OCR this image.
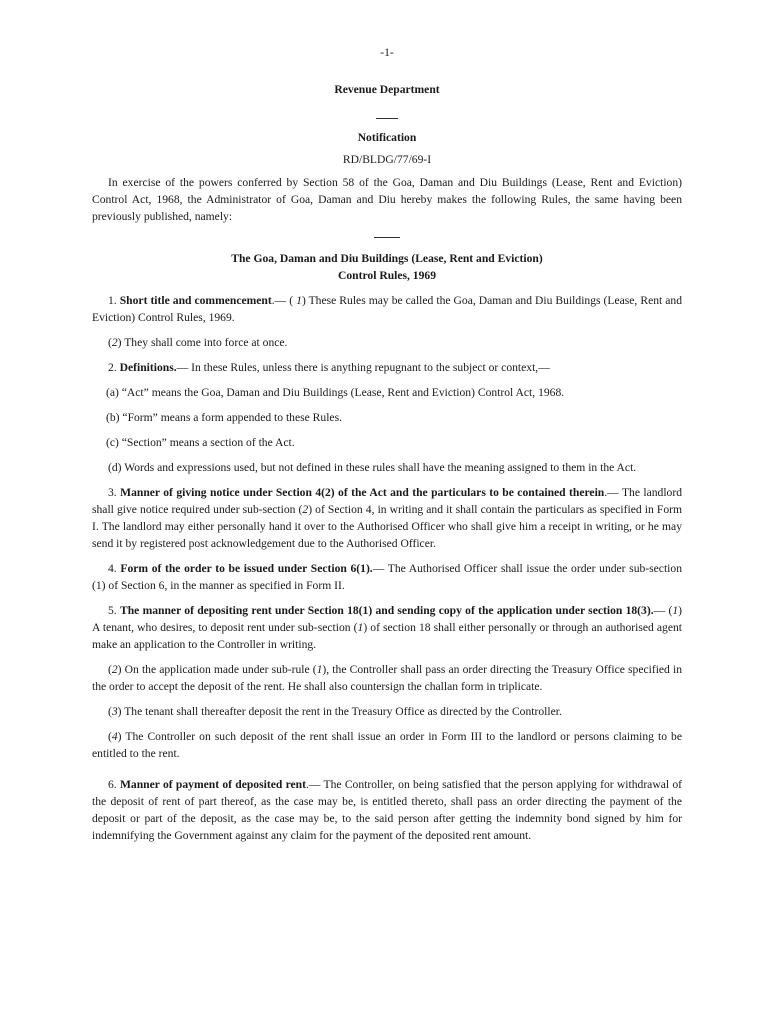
-1-
Revenue Department
Notification
RD/BLDG/77/69-I

In exercise of the powers conferred by Section 58 of the Goa, Daman and Diu Buildings (Lease, Rent and Eviction) Control Act, 1968, the Administrator of Goa, Daman and Diu hereby makes the following Rules, the same having been previously published, namely:

The Goa, Daman and Diu Buildings (Lease, Rent and Eviction)
Control Rules, 1969

1. Short title and commencement.— ( 1) These Rules may be called the Goa, Daman and Diu Buildings (Lease, Rent and Eviction) Control Rules, 1969.

(2) They shall come into force at once.

2. Definitions.— In these Rules, unless there is anything repugnant to the subject or context,—

(a) “Act” means the Goa, Daman and Diu Buildings (Lease, Rent and Eviction) Control Act, 1968.

(b) “Form” means a form appended to these Rules.

(c) “Section” means a section of the Act.

(d) Words and expressions used, but not defined in these rules shall have the meaning assigned to them in the Act.

3. Manner of giving notice under Section 4(2) of the Act and the particulars to be contained therein.— The landlord shall give notice required under sub-section (2) of Section 4, in writing and it shall contain the particulars as specified in Form I. The landlord may either personally hand it over to the Authorised Officer who shall give him a receipt in writing, or he may send it by registered post acknowledgement due to the Authorised Officer.

4. Form of the order to be issued under Section 6(1).— The Authorised Officer shall issue the order under sub-section (1) of Section 6, in the manner as specified in Form II.

5. The manner of depositing rent under Section 18(1) and sending copy of the application under section 18(3).— (1) A tenant, who desires, to deposit rent under sub-section (1) of section 18 shall either personally or through an authorised agent make an application to the Controller in writing.

(2) On the application made under sub-rule (1), the Controller shall pass an order directing the Treasury Office specified in the order to accept the deposit of the rent. He shall also countersign the challan form in triplicate.

(3) The tenant shall thereafter deposit the rent in the Treasury Office as directed by the Controller.

(4) The Controller on such deposit of the rent shall issue an order in Form III to the landlord or persons claiming to be entitled to the rent.

6. Manner of payment of deposited rent.— The Controller, on being satisfied that the person applying for withdrawal of the deposit of rent of part thereof, as the case may be, is entitled thereto, shall pass an order directing the payment of the deposit or part of the deposit, as the case may be, to the said person after getting the indemnity bond signed by him for indemnifying the Government against any claim for the payment of the deposited rent amount.
